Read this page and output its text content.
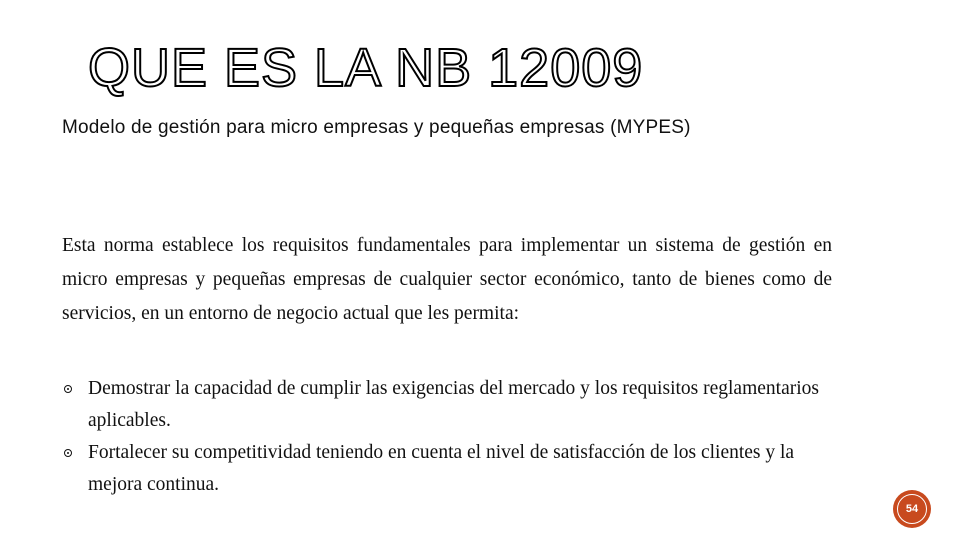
QUE ES LA NB 12009

Modelo de gestión para micro empresas y pequeñas empresas (MYPES)

Esta norma establece los requisitos fundamentales para implementar un sistema de gestión en micro empresas y pequeñas empresas de cualquier sector económico, tanto de bienes como de servicios, en un entorno de negocio actual que les permita:

Demostrar la capacidad de cumplir las exigencias del mercado y los requisitos reglamentarios aplicables.
Fortalecer su competitividad teniendo en cuenta el nivel de satisfacción de los clientes y la mejora continua.
54
